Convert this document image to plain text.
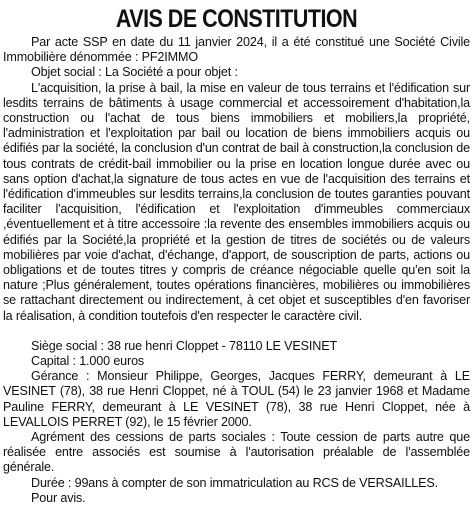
AVIS DE CONSTITUTION

Par acte SSP en date du 11 janvier 2024, il a été constitué une Société Civile Immobilière dénommée : PF2IMMO

Objet social : La Société a pour objet :

L'acquisition, la prise à bail, la mise en valeur de tous terrains et l'édification sur lesdits terrains de bâtiments à usage commercial et accessoirement d'habitation,la construction ou l'achat de tous biens immobiliers et mobiliers,la propriété, l'administration et l'exploitation par bail ou location de biens immobiliers acquis ou édifiés par la société, la conclusion d'un contrat de bail à construction,la conclusion de tous contrats de crédit-bail immobilier ou la prise en location longue durée avec ou sans option d'achat,la signature de tous actes en vue de l'acquisition des terrains et l'édification d'immeubles sur lesdits terrains,la conclusion de toutes garanties pouvant faciliter l'acquisition, l'édification et l'exploitation d'immeubles commerciaux ,éventuellement et à titre accessoire :la revente des ensembles immobiliers acquis ou édifiés par la Société,la propriété et la gestion de titres de sociétés ou de valeurs mobilières par voie d'achat, d'échange, d'apport, de souscription de parts, actions ou obligations et de toutes titres y compris de créance négociable quelle qu'en soit la nature ;Plus généralement, toutes opérations financières, mobilières ou immobilières se rattachant directement ou indirectement, à cet objet et susceptibles d'en favoriser la réalisation, à condition toutefois d'en respecter le caractère civil.

Siège social : 38 rue henri Cloppet - 78110 LE VESINET

Capital : 1.000 euros

Gérance : Monsieur Philippe, Georges, Jacques FERRY, demeurant à LE VESINET (78), 38 rue Henri Cloppet, né à TOUL (54) le 23 janvier 1968 et Madame Pauline FERRY, demeurant à LE VESINET (78), 38 rue Henri Cloppet, née à LEVALLOIS PERRET (92), le 15 février 2000.

Agrément des cessions de parts sociales : Toute cession de parts autre que réalisée entre associés est soumise à l'autorisation préalable de l'assemblée générale.

Durée : 99ans à compter de son immatriculation au RCS de VERSAILLES.

Pour avis.
